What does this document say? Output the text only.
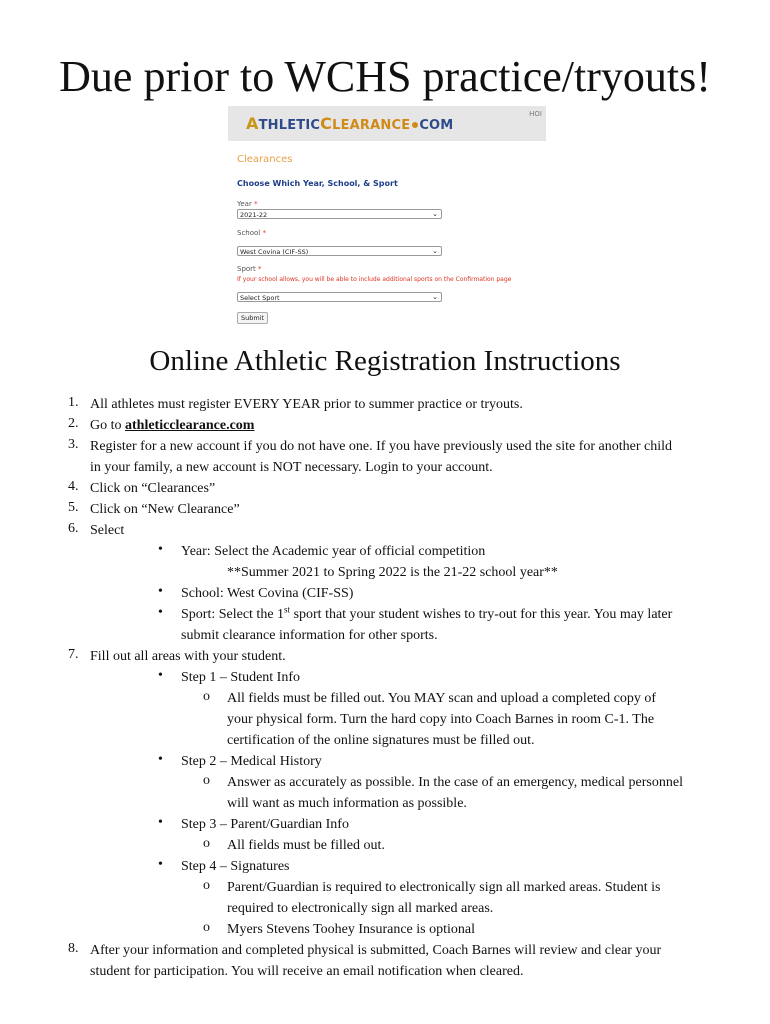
Due prior to WCHS practice/tryouts!
ATHLETICCLEARANCE COM
HOI
Clearances
Choose Which Year, School, & Sport
Year *
2021-22	⌄
School *
West Covina (CIF-SS)	⌄
Sport *
If your school allows, you will be able to include additional sports on the Confirmation page
Select Sport	⌄
Submit
Online Athletic Registration Instructions
1. All athletes must register EVERY YEAR prior to summer practice or tryouts.
2. Go to athleticclearance.com
3. Register for a new account if you do not have one. If you have previously used the site for another child
in your family, a new account is NOT necessary. Login to your account.
4. Click on “Clearances”
5. Click on “New Clearance”
6. Select
• Year: Select the Academic year of official competition
**Summer 2021 to Spring 2022 is the 21-22 school year**
• School: West Covina (CIF-SS)
• Sport: Select the 1st sport that your student wishes to try-out for this year. You may later
submit clearance information for other sports.
7. Fill out all areas with your student.
• Step 1 – Student Info
o All fields must be filled out. You MAY scan and upload a completed copy of
your physical form. Turn the hard copy into Coach Barnes in room C-1. The
certification of the online signatures must be filled out.
• Step 2 – Medical History
o Answer as accurately as possible. In the case of an emergency, medical personnel
will want as much information as possible.
• Step 3 – Parent/Guardian Info
o All fields must be filled out.
• Step 4 – Signatures
o Parent/Guardian is required to electronically sign all marked areas. Student is
required to electronically sign all marked areas.
o Myers Stevens Toohey Insurance is optional
8. After your information and completed physical is submitted, Coach Barnes will review and clear your
student for participation. You will receive an email notification when cleared.
